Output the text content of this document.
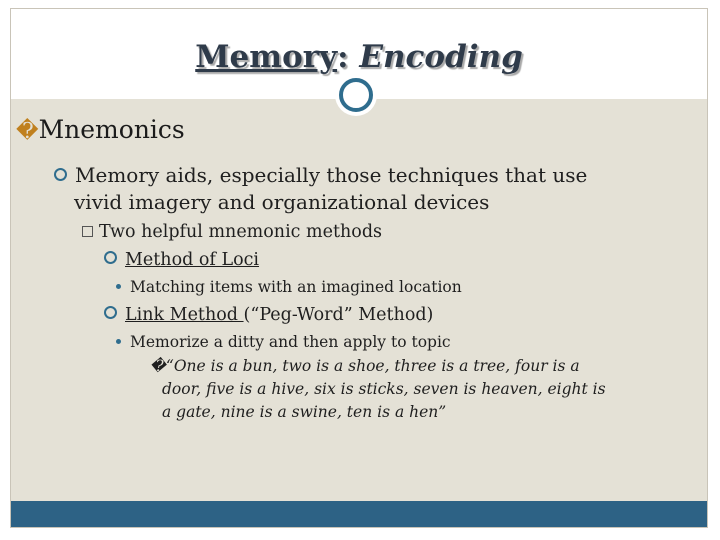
Memory: Encoding
�Mnemonics
Memory aids, especially those techniques that use
vivid imagery and organizational devices
Two helpful mnemonic methods
Method of Loci
Matching items with an imagined location
Link Method (“Peg-Word” Method)
Memorize a ditty and then apply to topic
�“One is a bun, two is a shoe, three is a tree, four is a
door, five is a hive, six is sticks, seven is heaven, eight is
a gate, nine is a swine, ten is a hen”
